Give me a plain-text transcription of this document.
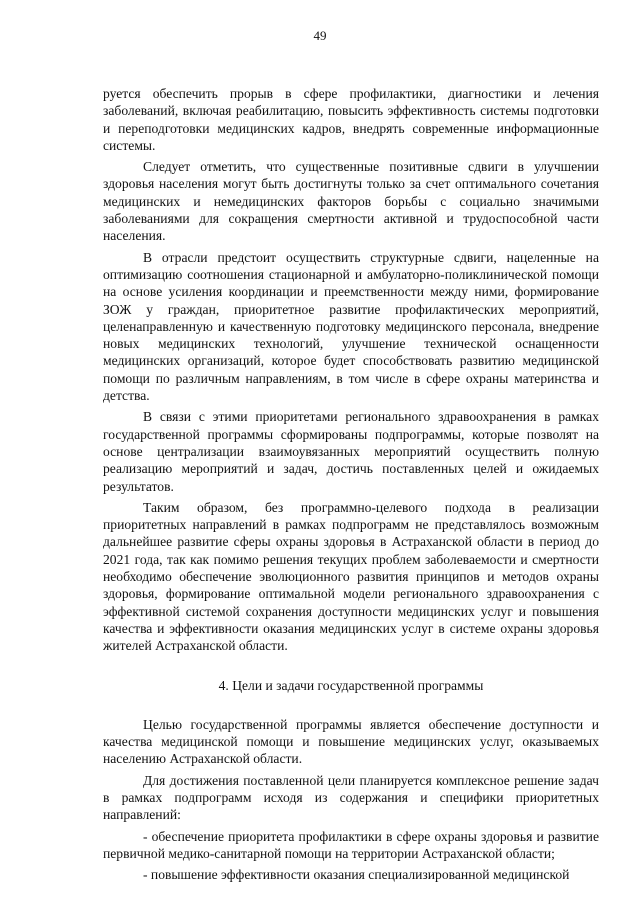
49

руется обеспечить прорыв в сфере профилактики, диагностики и лечения заболеваний, включая реабилитацию, повысить эффективность системы подготовки и переподготовки медицинских кадров, внедрять современные информационные системы.

Следует отметить, что существенные позитивные сдвиги в улучшении здоровья населения могут быть достигнуты только за счет оптимального сочетания медицинских и немедицинских факторов борьбы с социально значимыми заболеваниями для сокращения смертности активной и трудоспособной части населения.

В отрасли предстоит осуществить структурные сдвиги, нацеленные на оптимизацию соотношения стационарной и амбулаторно-поликлинической помощи на основе усиления координации и преемственности между ними, формирование ЗОЖ у граждан, приоритетное развитие профилактических мероприятий, целенаправленную и качественную подготовку медицинского персонала, внедрение новых медицинских технологий, улучшение технической оснащенности медицинских организаций, которое будет способствовать развитию медицинской помощи по различным направлениям, в том числе в сфере охраны материнства и детства.

В связи с этими приоритетами регионального здравоохранения в рамках государственной программы сформированы подпрограммы, которые позволят на основе централизации взаимоувязанных мероприятий осуществить полную реализацию мероприятий и задач, достичь поставленных целей и ожидаемых результатов.

Таким образом, без программно-целевого подхода в реализации приоритетных направлений в рамках подпрограмм не представлялось возможным дальнейшее развитие сферы охраны здоровья в Астраханской области в период до 2021 года, так как помимо решения текущих проблем заболеваемости и смертности необходимо обеспечение эволюционного развития принципов и методов охраны здоровья, формирование оптимальной модели регионального здравоохранения с эффективной системой сохранения доступности медицинских услуг и повышения качества и эффективности оказания медицинских услуг в системе охраны здоровья жителей Астраханской области.

4. Цели и задачи государственной программы

Целью государственной программы является обеспечение доступности и качества медицинской помощи и повышение медицинских услуг, оказываемых населению Астраханской области.

Для достижения поставленной цели планируется комплексное решение задач в рамках подпрограмм исходя из содержания и специфики приоритетных направлений:

- обеспечение приоритета профилактики в сфере охраны здоровья и развитие первичной медико-санитарной помощи на территории Астраханской области;

- повышение эффективности оказания специализированной медицинской
